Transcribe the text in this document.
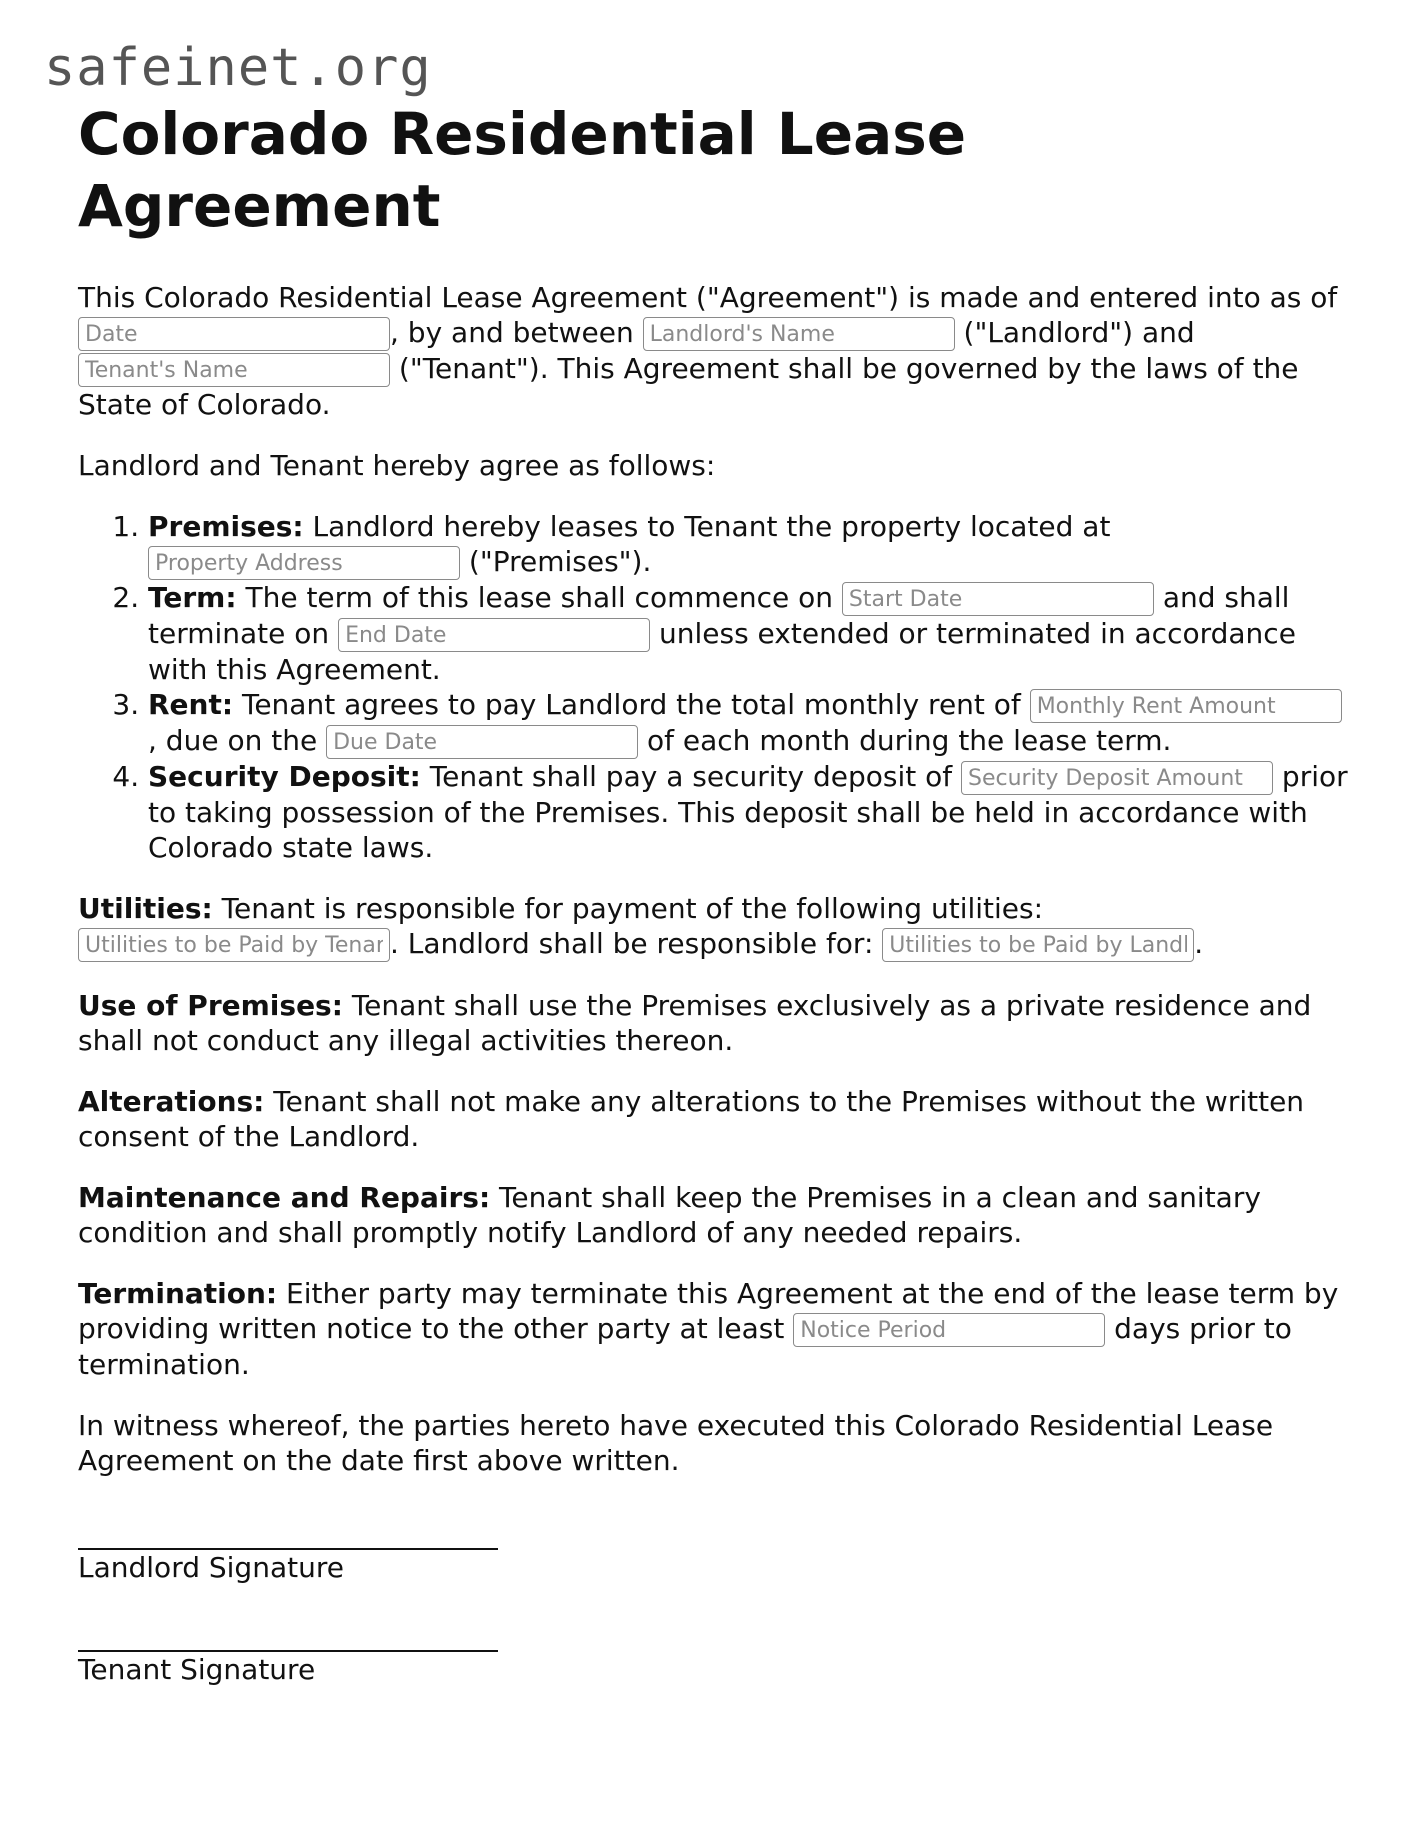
safeinet.org
Colorado Residential Lease Agreement

This Colorado Residential Lease Agreement ("Agreement") is made and entered into as of Date, by and between Landlord's Name	("Landlord") and Tenant's Name ("Tenant"). This Agreement shall be governed by the laws of the State of Colorado.

Landlord and Tenant hereby agree as follows:

1. Premises: Landlord hereby leases to Tenant the property located at Property Address ("Premises").
2. Term: The term of this lease shall commence on Start Date	and shall terminate on End Date	unless extended or terminated in accordance with this Agreement.
3. Rent: Tenant agrees to pay Landlord the total monthly rent of Monthly Rent Amount, due on the Due Date	of each month during the lease term.
4. Security Deposit: Tenant shall pay a security deposit of Security Deposit Amount	prior to taking possession of the Premises. This deposit shall be held in accordance with Colorado state laws.

Utilities: Tenant is responsible for payment of the following utilities: Utilities to be Paid by Tenant. Landlord shall be responsible for: Utilities to be Paid by Landlord	.

Use of Premises: Tenant shall use the Premises exclusively as a private residence and shall not conduct any illegal activities thereon.

Alterations: Tenant shall not make any alterations to the Premises without the written consent of the Landlord.

Maintenance and Repairs: Tenant shall keep the Premises in a clean and sanitary condition and shall promptly notify Landlord of any needed repairs.

Termination: Either party may terminate this Agreement at the end of the lease term by providing written notice to the other party at least Notice Period	days prior to termination.

In witness whereof, the parties hereto have executed this Colorado Residential Lease Agreement on the date first above written.

Landlord Signature
Tenant Signature
